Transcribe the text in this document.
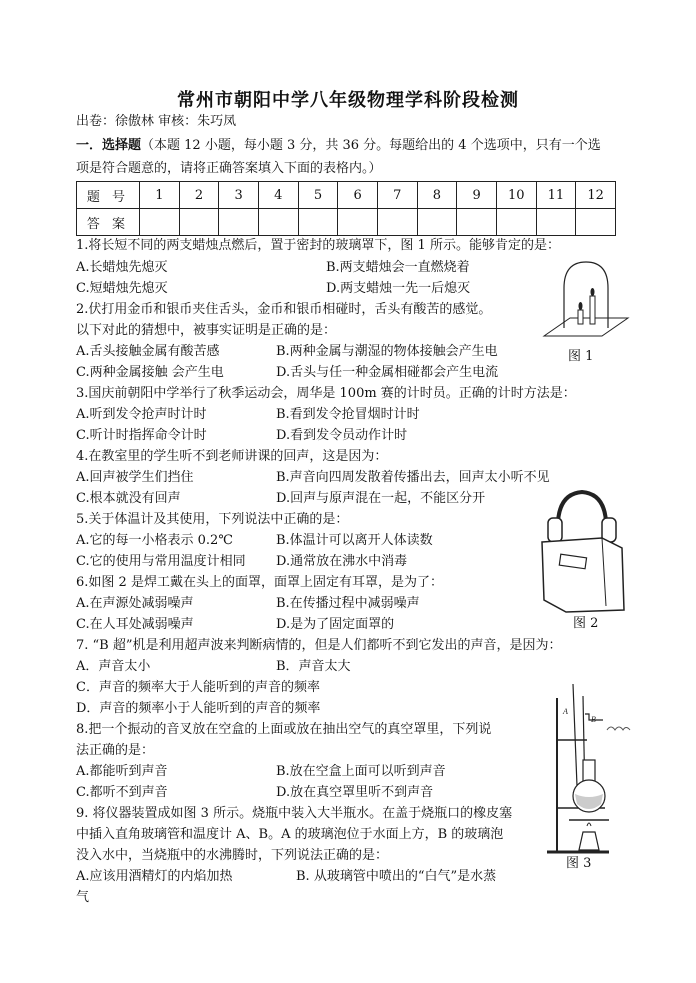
常州市朝阳中学八年级物理学科阶段检测
出卷：徐傲林 审核：朱巧凤
一．选择题（本题 12 小题，每小题 3 分，共 36 分。每题给出的 4 个选项中，只有一个选
项是符合题意的，请将正确答案填入下面的表格内。）
题 号	1	2	3	4	5	6	7	8	9	10	11	12
答 案												
1.将长短不同的两支蜡烛点燃后，置于密封的玻璃罩下，图 1 所示。能够肯定的是：
A.长蜡烛先熄灭	B.两支蜡烛会一直燃烧着
C.短蜡烛先熄灭	D.两支蜡烛一先一后熄灭
2.伏打用金币和银币夹住舌头，金币和银币相碰时，舌头有酸苦的感觉。
以下对此的猜想中，被事实证明是正确的是：
A.舌头接触金属有酸苦感	B.两种金属与潮湿的物体接触会产生电
C.两种金属接触 会产生电	D.舌头与任一种金属相碰都会产生电流
3.国庆前朝阳中学举行了秋季运动会，周华是 100m 赛的计时员。正确的计时方法是：
A.听到发令抢声时计时	B.看到发令抢冒烟时计时
C.听计时指挥命令计时	D.看到发令员动作计时
4.在教室里的学生听不到老师讲课的回声，这是因为：
A.回声被学生们挡住	B.声音向四周发散着传播出去，回声太小听不见
C.根本就没有回声	D.回声与原声混在一起，不能区分开
5.关于体温计及其使用，下列说法中正确的是：
A.它的每一小格表示 0.2℃	B.体温计可以离开人体读数
C.它的使用与常用温度计相同 D.通常放在沸水中消毒
6.如图 2 是焊工戴在头上的面罩，面罩上固定有耳罩，是为了：
A.在声源处减弱噪声	B.在传播过程中减弱噪声
C.在人耳处减弱噪声	D.是为了固定面罩的
7. “B 超”机是利用超声波来判断病情的，但是人们都听不到它发出的声音，是因为：
A．声音太小	B．声音太大
C．声音的频率大于人能听到的声音的频率
D．声音的频率小于人能听到的声音的频率
8.把一个振动的音叉放在空盒的上面或放在抽出空气的真空罩里，下列说
法正确的是：
A.都能听到声音	B.放在空盒上面可以听到声音
C.都听不到声音	D.放在真空罩里听不到声音
9. 将仪器装置成如图 3 所示。烧瓶中装入大半瓶水。在盖于烧瓶口的橡皮塞
中插入直角玻璃管和温度计 A、B。A 的玻璃泡位于水面上方，B 的玻璃泡
没入水中，当烧瓶中的水沸腾时，下列说法正确的是：
A.应该用酒精灯的内焰加热	B. 从玻璃管中喷出的“白气”是水蒸
气
图 1
图 2
A
B
图 3
